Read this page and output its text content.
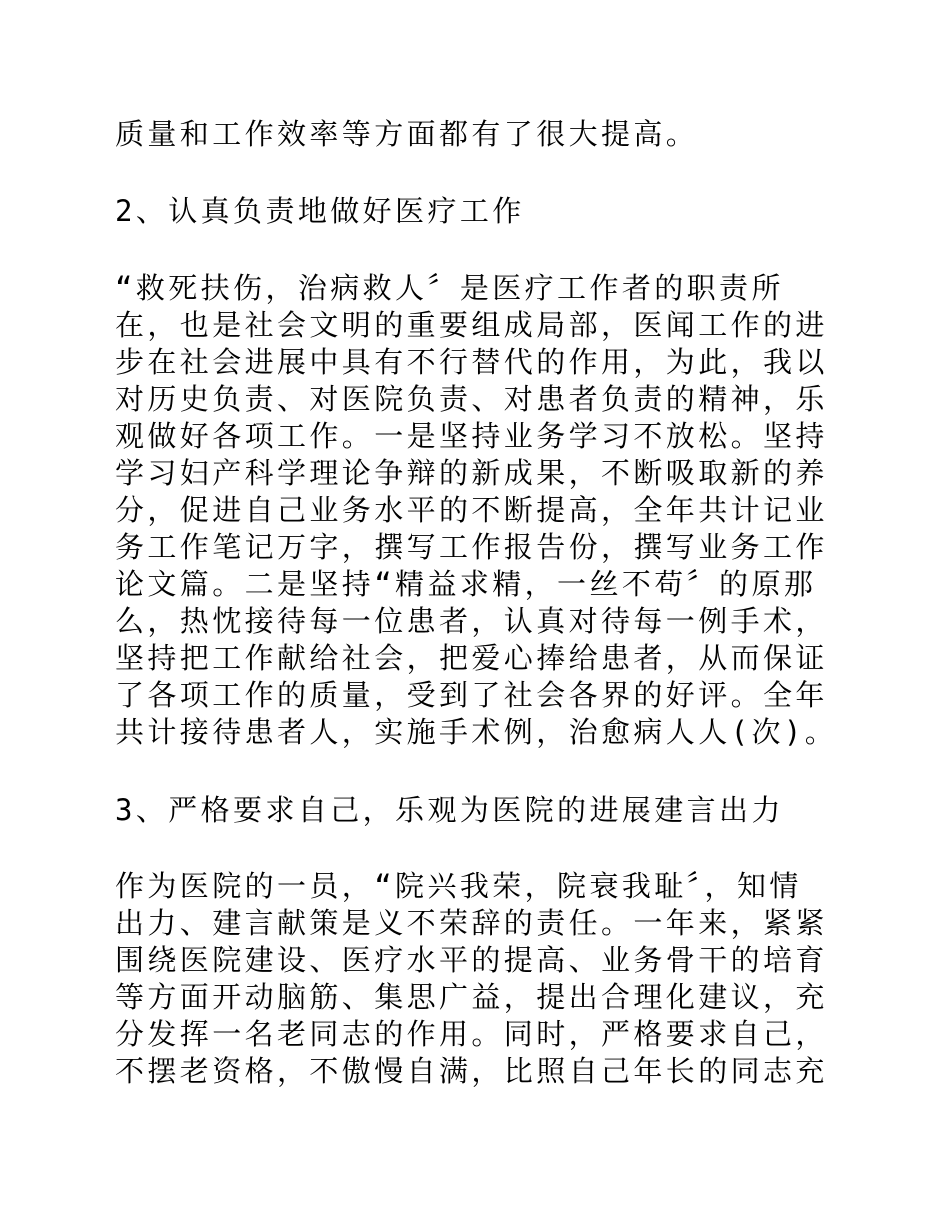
质量和工作效率等方面都有了很大提高。
2、认真负责地做好医疗工作
“救死扶伤，治病救人〞是医疗工作者的职责所
在，也是社会文明的重要组成局部，医闻工作的进
步在社会进展中具有不行替代的作用，为此，我以
对历史负责、对医院负责、对患者负责的精神，乐
观做好各项工作。一是坚持业务学习不放松。坚持
学习妇产科学理论争辩的新成果，不断吸取新的养
分，促进自己业务水平的不断提高，全年共计记业
务工作笔记万字，撰写工作报告份，撰写业务工作
论文篇。二是坚持“精益求精，一丝不苟〞的原那
么，热忱接待每一位患者，认真对待每一例手术，
坚持把工作献给社会，把爱心捧给患者，从而保证
了各项工作的质量，受到了社会各界的好评。全年
共计接待患者人，实施手术例，治愈病人人(次)。
3、严格要求自己，乐观为医院的进展建言出力
作为医院的一员，“院兴我荣，院衰我耻〞，知情
出力、建言献策是义不荣辞的责任。一年来，紧紧
围绕医院建设、医疗水平的提高、业务骨干的培育
等方面开动脑筋、集思广益，提出合理化建议，充
分发挥一名老同志的作用。同时，严格要求自己，
不摆老资格，不傲慢自满，比照自己年长的同志充
